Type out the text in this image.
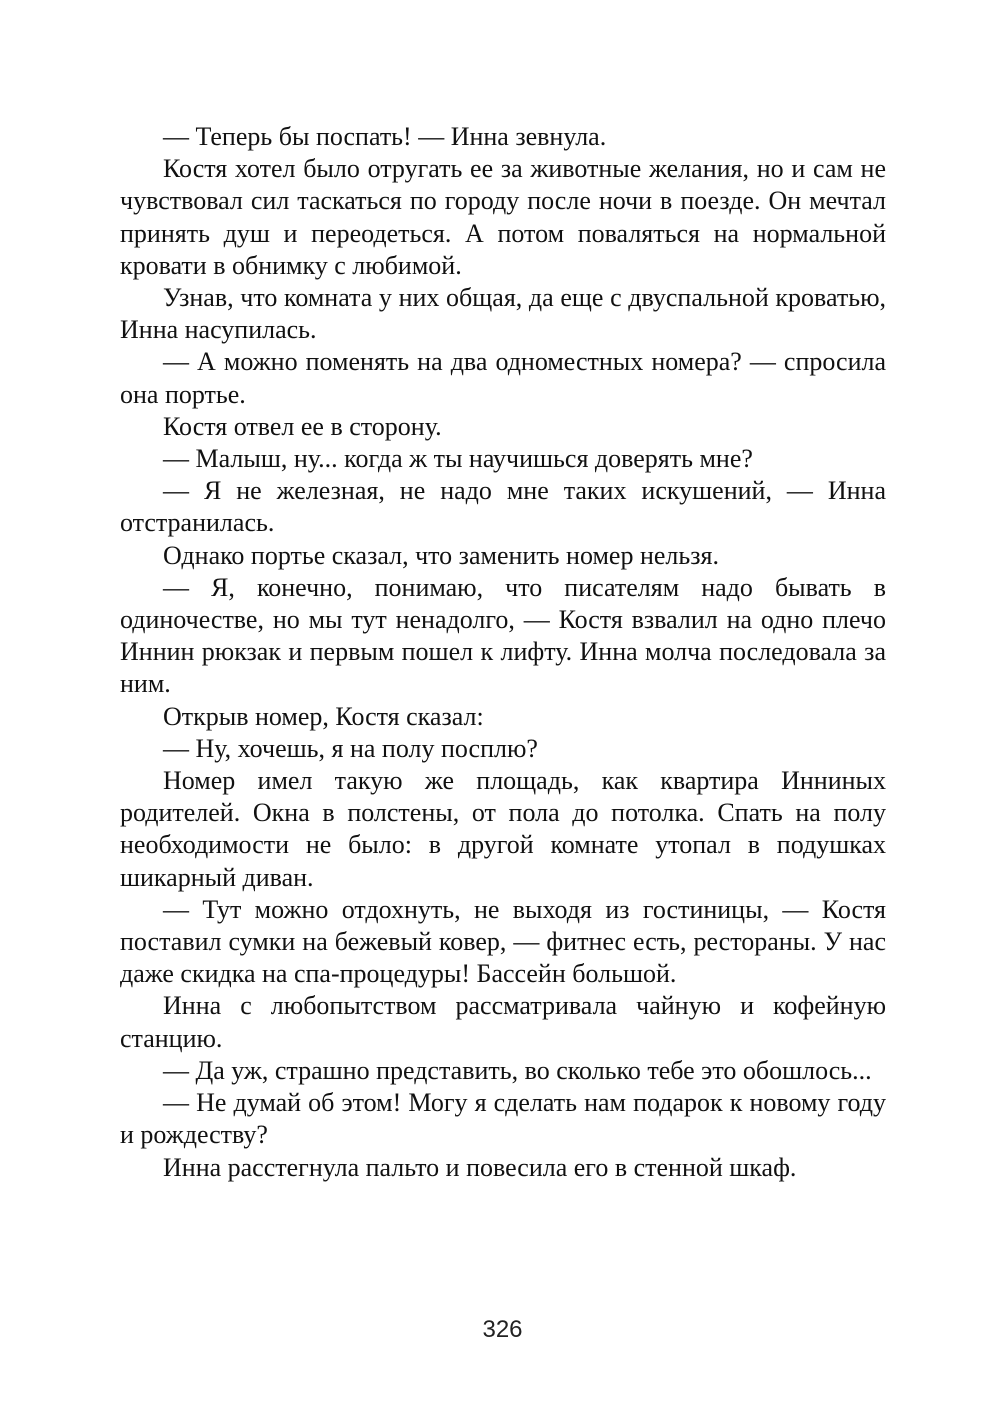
— Теперь бы поспать! — Инна зевнула.

Костя хотел было отругать ее за животные желания, но и сам не чувствовал сил таскаться по городу после ночи в поезде. Он мечтал принять душ и переодеться. А потом поваляться на нормальной кровати в обнимку с любимой.

Узнав, что комната у них общая, да еще с двуспальной кроватью, Инна насупилась.

— А можно поменять на два одноместных номера? — спросила она портье.

Костя отвел ее в сторону.

— Малыш, ну... когда ж ты научишься доверять мне?

— Я не железная, не надо мне таких искушений, — Инна отстранилась.

Однако портье сказал, что заменить номер нельзя.

— Я, конечно, понимаю, что писателям надо бывать в одиночестве, но мы тут ненадолго, — Костя взвалил на одно плечо Иннин рюкзак и первым пошел к лифту. Инна молча последовала за ним.

Открыв номер, Костя сказал:

— Ну, хочешь, я на полу посплю?

Номер имел такую же площадь, как квартира Инниных родителей. Окна в полстены, от пола до потолка. Спать на полу необходимости не было: в другой комнате утопал в подушках шикарный диван.

— Тут можно отдохнуть, не выходя из гостиницы, — Костя поставил сумки на бежевый ковер, — фитнес есть, рестораны. У нас даже скидка на спа-процедуры! Бассейн большой.

Инна с любопытством рассматривала чайную и кофейную станцию.

— Да уж, страшно представить, во сколько тебе это обошлось...

— Не думай об этом! Могу я сделать нам подарок к новому году и рождеству?

Инна расстегнула пальто и повесила его в стенной шкаф.

326
